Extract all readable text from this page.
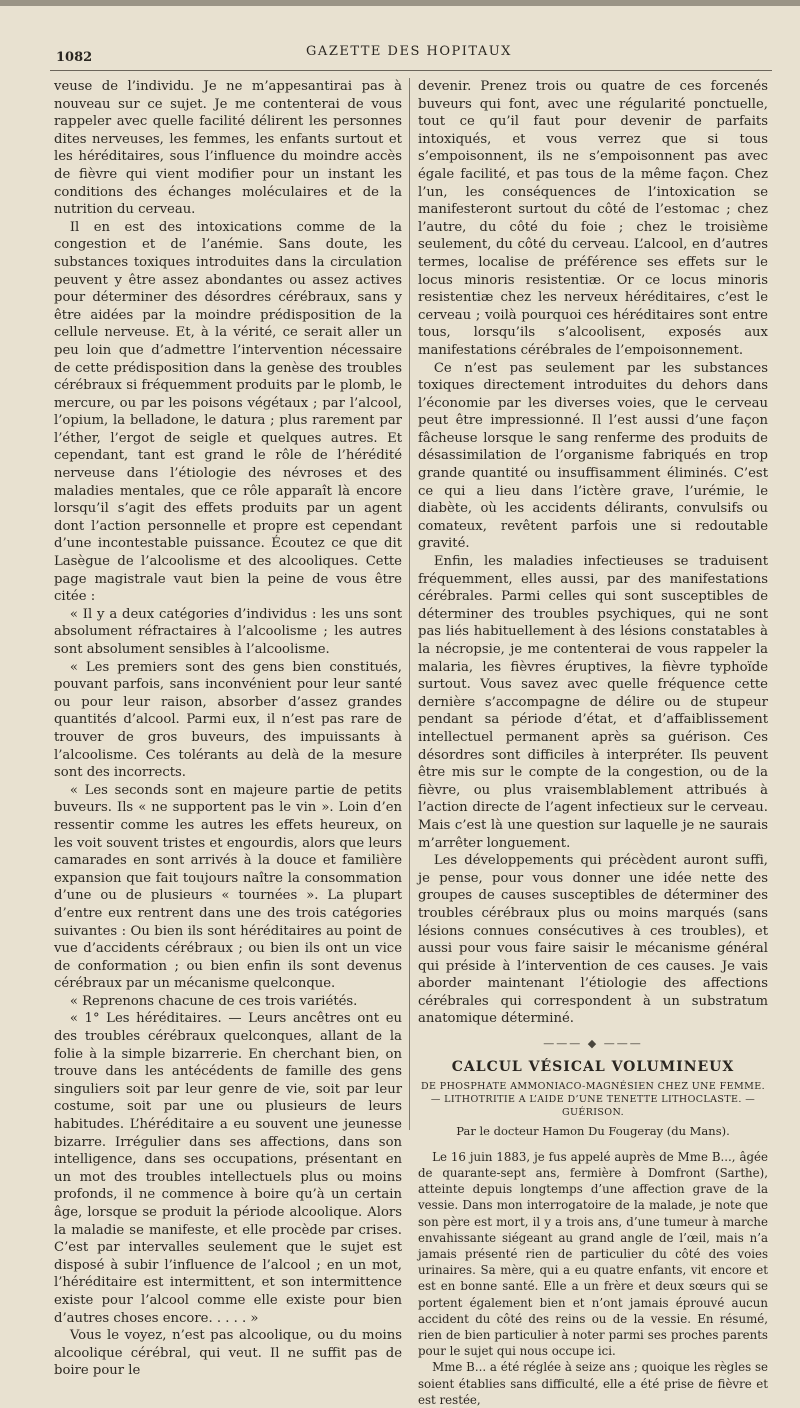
1082	GAZETTE DES HOPITAUX

veuse de l’individu. Je ne m’appesantirai pas à nouveau sur ce sujet. Je me contenterai de vous rappeler avec quelle facilité délirent les personnes dites nerveuses, les femmes, les enfants surtout et les héréditaires, sous l’influence du moindre accès de fièvre qui vient modifier pour un instant les conditions des échanges moléculaires et de la nutrition du cerveau.

Il en est des intoxications comme de la congestion et de l’anémie. Sans doute, les substances toxiques introduites dans la circulation peuvent y être assez abondantes ou assez actives pour déterminer des désordres cérébraux, sans y être aidées par la moindre prédisposition de la cellule nerveuse. Et, à la vérité, ce serait aller un peu loin que d’admettre l’intervention nécessaire de cette prédisposition dans la genèse des troubles cérébraux si fréquemment produits par le plomb, le mercure, ou par les poisons végétaux ; par l’alcool, l’opium, la belladone, le datura ; plus rarement par l’éther, l’ergot de seigle et quelques autres. Et cependant, tant est grand le rôle de l’hérédité nerveuse dans l’étiologie des névroses et des maladies mentales, que ce rôle apparaît là encore lorsqu’il s’agit des effets produits par un agent dont l’action personnelle et propre est cependant d’une incontestable puissance. Écoutez ce que dit Lasègue de l’alcoolisme et des alcooliques. Cette page magistrale vaut bien la peine de vous être citée :

« Il y a deux catégories d’individus : les uns sont absolument réfractaires à l’alcoolisme ; les autres sont absolument sensibles à l’alcoolisme.

« Les premiers sont des gens bien constitués, pouvant parfois, sans inconvénient pour leur santé ou pour leur raison, absorber d’assez grandes quantités d’alcool. Parmi eux, il n’est pas rare de trouver de gros buveurs, des impuissants à l’alcoolisme. Ces tolérants au delà de la mesure sont des incorrects.

« Les seconds sont en majeure partie de petits buveurs. Ils « ne supportent pas le vin ». Loin d’en ressentir comme les autres les effets heureux, on les voit souvent tristes et engourdis, alors que leurs camarades en sont arrivés à la douce et familière expansion que fait toujours naître la consommation d’une ou de plusieurs « tournées ». La plupart d’entre eux rentrent dans une des trois catégories suivantes : Ou bien ils sont héréditaires au point de vue d’accidents cérébraux ; ou bien ils ont un vice de conformation ; ou bien enfin ils sont devenus cérébraux par un mécanisme quelconque.

« Reprenons chacune de ces trois variétés.

« 1° Les héréditaires. — Leurs ancêtres ont eu des troubles cérébraux quelconques, allant de la folie à la simple bizarrerie. En cherchant bien, on trouve dans les antécédents de famille des gens singuliers soit par leur genre de vie, soit par leur costume, soit par une ou plusieurs de leurs habitudes. L’héréditaire a eu souvent une jeunesse bizarre. Irrégulier dans ses affections, dans son intelligence, dans ses occupations, présentant en un mot des troubles intellectuels plus ou moins profonds, il ne commence à boire qu’à un certain âge, lorsque se produit la période alcoolique. Alors la maladie se manifeste, et elle procède par crises. C’est par intervalles seulement que le sujet est disposé à subir l’influence de l’alcool ; en un mot, l’héréditaire est intermittent, et son intermittence existe pour l’alcool comme elle existe pour bien d’autres choses encore. . . . . »

Vous le voyez, n’est pas alcoolique, ou du moins alcoolique cérébral, qui veut. Il ne suffit pas de boire pour le

devenir. Prenez trois ou quatre de ces forcenés buveurs qui font, avec une régularité ponctuelle, tout ce qu’il faut pour devenir de parfaits intoxiqués, et vous verrez que si tous s’empoisonnent, ils ne s’empoisonnent pas avec égale facilité, et pas tous de la même façon. Chez l’un, les conséquences de l’intoxication se manifesteront surtout du côté de l’estomac ; chez l’autre, du côté du foie ; chez le troisième seulement, du côté du cerveau. L’alcool, en d’autres termes, localise de préférence ses effets sur le locus minoris resistentiæ. Or ce locus minoris resistentiæ chez les nerveux héréditaires, c’est le cerveau ; voilà pourquoi ces héréditaires sont entre tous, lorsqu’ils s’alcoolisent, exposés aux manifestations cérébrales de l’empoisonnement.

Ce n’est pas seulement par les substances toxiques directement introduites du dehors dans l’économie par les diverses voies, que le cerveau peut être impressionné. Il l’est aussi d’une façon fâcheuse lorsque le sang renferme des produits de désassimilation de l’organisme fabriqués en trop grande quantité ou insuffisamment éliminés. C’est ce qui a lieu dans l’ictère grave, l’urémie, le diabète, où les accidents délirants, convulsifs ou comateux, revêtent parfois une si redoutable gravité.

Enfin, les maladies infectieuses se traduisent fréquemment, elles aussi, par des manifestations cérébrales. Parmi celles qui sont susceptibles de déterminer des troubles psychiques, qui ne sont pas liés habituellement à des lésions constatables à la nécropsie, je me contenterai de vous rappeler la malaria, les fièvres éruptives, la fièvre typhoïde surtout. Vous savez avec quelle fréquence cette dernière s’accompagne de délire ou de stupeur pendant sa période d’état, et d’affaiblissement intellectuel permanent après sa guérison. Ces désordres sont difficiles à interpréter. Ils peuvent être mis sur le compte de la congestion, ou de la fièvre, ou plus vraisemblablement attribués à l’action directe de l’agent infectieux sur le cerveau. Mais c’est là une question sur laquelle je ne saurais m’arrêter longuement.

Les développements qui précèdent auront suffi, je pense, pour vous donner une idée nette des groupes de causes susceptibles de déterminer des troubles cérébraux plus ou moins marqués (sans lésions connues consécutives à ces troubles), et aussi pour vous faire saisir le mécanisme général qui préside à l’intervention de ces causes. Je vais aborder maintenant l’étiologie des affections cérébrales qui correspondent à un substratum anatomique déterminé.

——— ◆ ———
CALCUL VÉSICAL VOLUMINEUX

DE PHOSPHATE AMMONIACO-MAGNÉSIEN CHEZ UNE FEMME. — LITHOTRITIE A L’AIDE D’UNE TENETTE LITHOCLASTE. — GUÉRISON.

Par le docteur Hamon Du Fougeray (du Mans).

Le 16 juin 1883, je fus appelé auprès de Mme B..., âgée de quarante-sept ans, fermière à Domfront (Sarthe), atteinte depuis longtemps d’une affection grave de la vessie. Dans mon interrogatoire de la malade, je note que son père est mort, il y a trois ans, d’une tumeur à marche envahissante siégeant au grand angle de l’œil, mais n’a jamais présenté rien de particulier du côté des voies urinaires. Sa mère, qui a eu quatre enfants, vit encore et est en bonne santé. Elle a un frère et deux sœurs qui se portent également bien et n’ont jamais éprouvé aucun accident du côté des reins ou de la vessie. En résumé, rien de bien particulier à noter parmi ses proches parents pour le sujet qui nous occupe ici.

Mme B... a été réglée à seize ans ; quoique les règles se soient établies sans difficulté, elle a été prise de fièvre et est restée,
